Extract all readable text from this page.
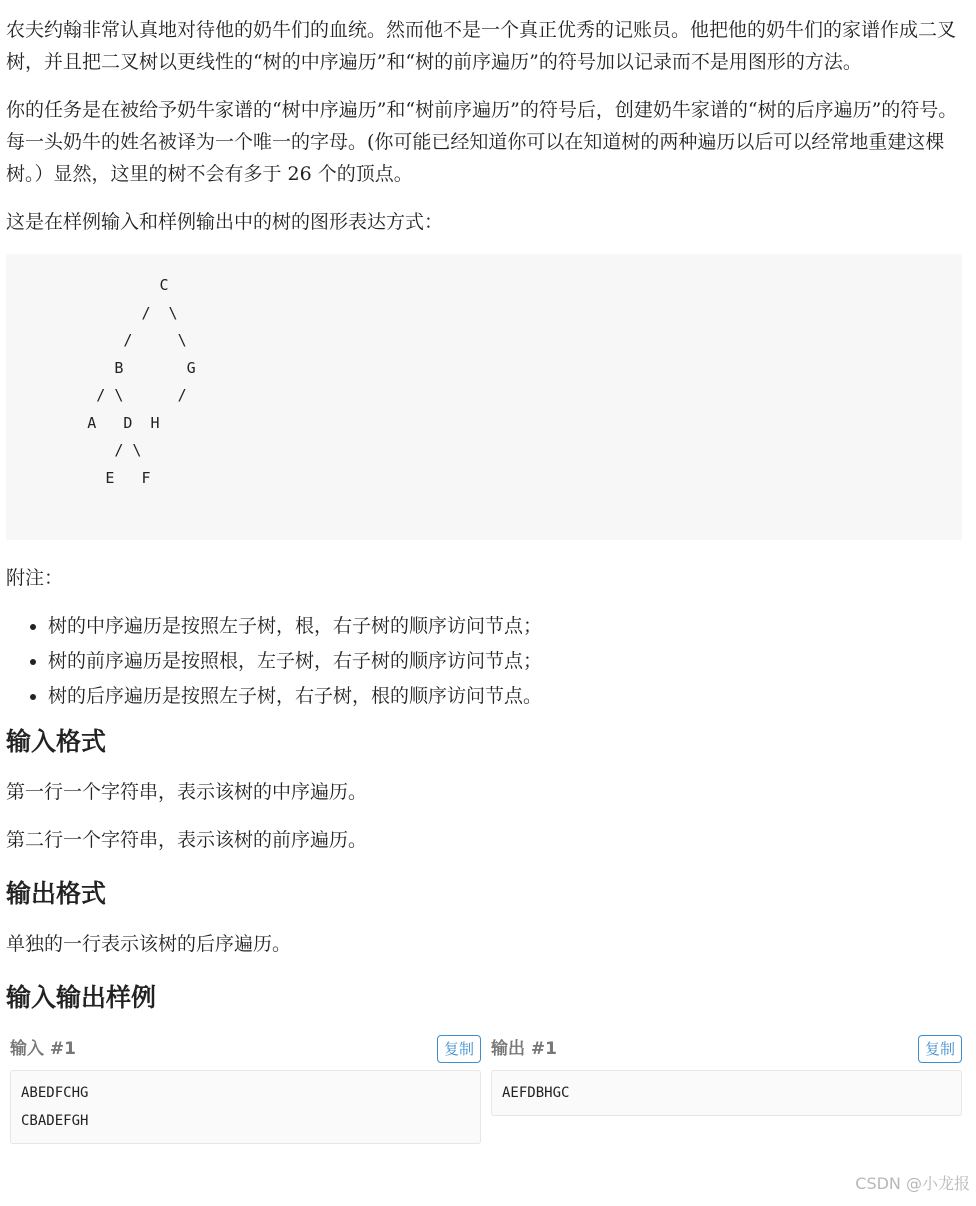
农夫约翰非常认真地对待他的奶牛们的血统。然而他不是一个真正优秀的记账员。他把他的奶牛们的家谱作成二叉树，并且把二叉树以更线性的“树的中序遍历”和“树的前序遍历”的符号加以记录而不是用图形的方法。

你的任务是在被给予奶牛家谱的“树中序遍历”和“树前序遍历”的符号后，创建奶牛家谱的“树的后序遍历”的符号。每一头奶牛的姓名被译为一个唯一的字母。(你可能已经知道你可以在知道树的两种遍历以后可以经常地重建这棵树。）显然，这里的树不会有多于 26 个的顶点。

这是在样例输入和样例输出中的树的图形表达方式：

C
/  \
/     \
B       G
/ \      /
A   D  H
/ \
E   F

附注：

• 树的中序遍历是按照左子树，根，右子树的顺序访问节点；
• 树的前序遍历是按照根，左子树，右子树的顺序访问节点；
• 树的后序遍历是按照左子树，右子树，根的顺序访问节点。
输入格式

第一行一个字符串，表示该树的中序遍历。

第二行一个字符串，表示该树的前序遍历。

输出格式

单独的一行表示该树的后序遍历。

输入输出样例
输入 #1	复制
ABEDFCHG
CBADEFGH
输出 #1	复制
AEFDBHGC
CSDN @小龙报
